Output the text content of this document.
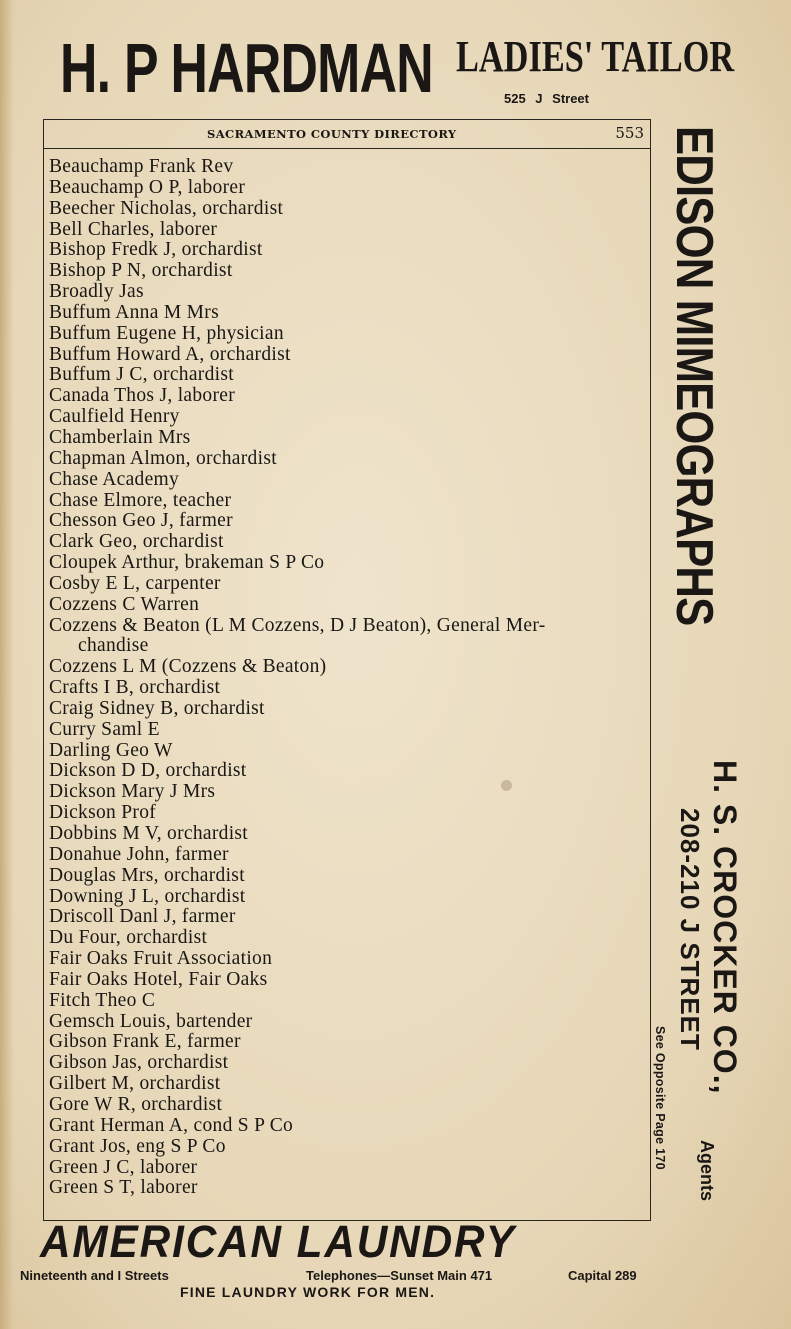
H. P HARDMAN LADIES' TAILOR
525 J Street
SACRAMENTO COUNTY DIRECTORY	553
Beauchamp Frank Rev
Beauchamp O P, laborer
Beecher Nicholas, orchardist
Bell Charles, laborer
Bishop Fredk J, orchardist
Bishop P N, orchardist
Broadly Jas
Buffum Anna M Mrs
Buffum Eugene H, physician
Buffum Howard A, orchardist
Buffum J C, orchardist
Canada Thos J, laborer
Caulfield Henry
Chamberlain Mrs
Chapman Almon, orchardist
Chase Academy
Chase Elmore, teacher
Chesson Geo J, farmer
Clark Geo, orchardist
Cloupek Arthur, brakeman S P Co
Cosby E L, carpenter
Cozzens C Warren
Cozzens & Beaton (L M Cozzens, D J Beaton), General Mer-
chandise
Cozzens L M (Cozzens & Beaton)
Crafts I B, orchardist
Craig Sidney B, orchardist
Curry Saml E
Darling Geo W
Dickson D D, orchardist
Dickson Mary J Mrs
Dickson Prof
Dobbins M V, orchardist
Donahue John, farmer
Douglas Mrs, orchardist
Downing J L, orchardist
Driscoll Danl J, farmer
Du Four, orchardist
Fair Oaks Fruit Association
Fair Oaks Hotel, Fair Oaks
Fitch Theo C
Gemsch Louis, bartender
Gibson Frank E, farmer
Gibson Jas, orchardist
Gilbert M, orchardist
Gore W R, orchardist
Grant Herman A, cond S P Co
Grant Jos, eng S P Co
Green J C, laborer
Green S T, laborer
EDISON MIMEOGRAPHS
H. S. CROCKER CO.,
Agents
208-210 J STREET
See Opposite Page 170
AMERICAN LAUNDRY
Nineteenth and I Streets	Telephones—Sunset Main 471	Capital 289
FINE LAUNDRY WORK FOR MEN.
